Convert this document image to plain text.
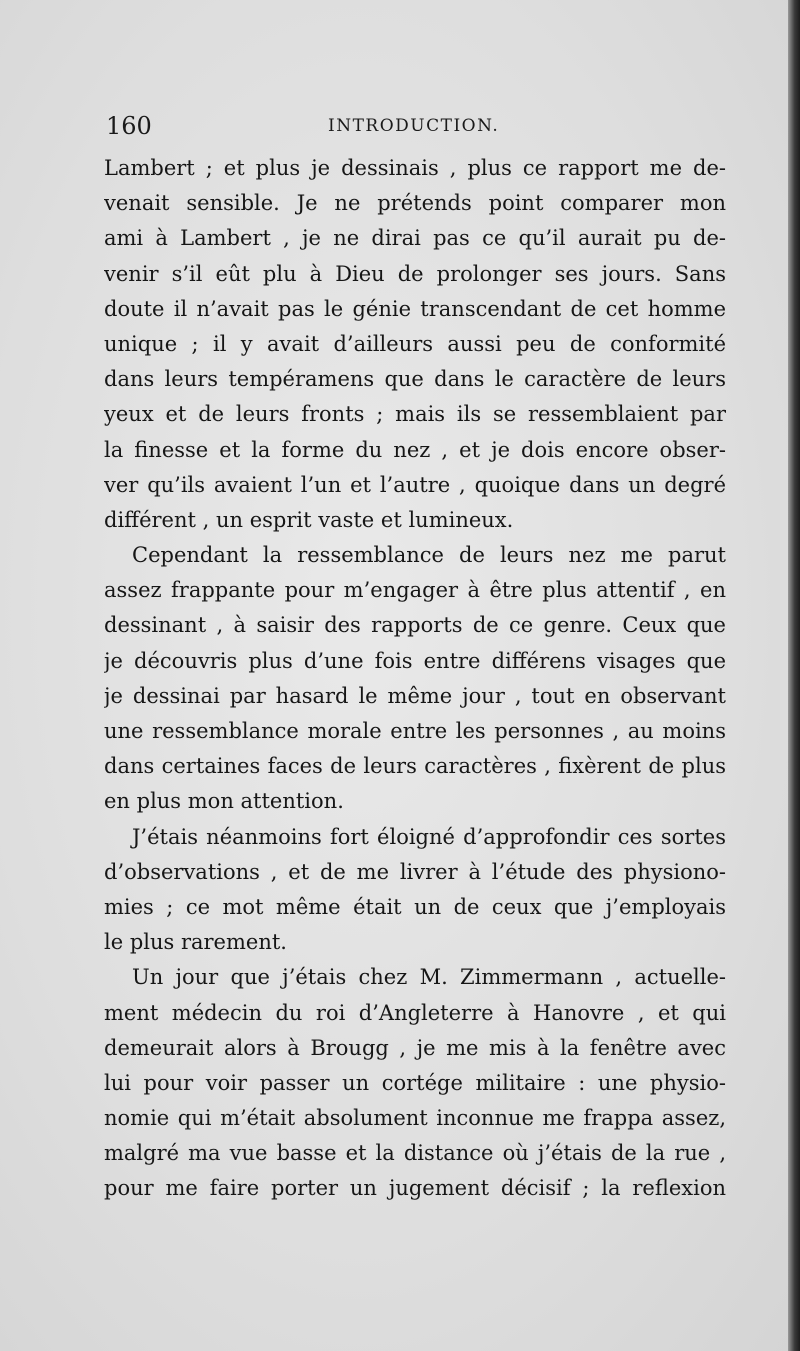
160	INTRODUCTION.
Lambert ; et plus je dessinais , plus ce rapport me de-
venait sensible. Je ne prétends point comparer mon
ami à Lambert , je ne dirai pas ce qu’il aurait pu de-
venir s’il eût plu à Dieu de prolonger ses jours. Sans
doute il n’avait pas le génie transcendant de cet homme
unique ; il y avait d’ailleurs aussi peu de conformité
dans leurs tempéramens que dans le caractère de leurs
yeux et de leurs fronts ; mais ils se ressemblaient par
la finesse et la forme du nez , et je dois encore obser-
ver qu’ils avaient l’un et l’autre , quoique dans un degré
différent , un esprit vaste et lumineux.
Cependant la ressemblance de leurs nez me parut
assez frappante pour m’engager à être plus attentif , en
dessinant , à saisir des rapports de ce genre. Ceux que
je découvris plus d’une fois entre différens visages que
je dessinai par hasard le même jour , tout en observant
une ressemblance morale entre les personnes , au moins
dans certaines faces de leurs caractères , fixèrent de plus
en plus mon attention.
J’étais néanmoins fort éloigné d’approfondir ces sortes
d’observations , et de me livrer à l’étude des physiono-
mies ; ce mot même était un de ceux que j’employais
le plus rarement.
Un jour que j’étais chez M. Zimmermann , actuelle-
ment médecin du roi d’Angleterre à Hanovre , et qui
demeurait alors à Brougg , je me mis à la fenêtre avec
lui pour voir passer un cortége militaire : une physio-
nomie qui m’était absolument inconnue me frappa assez,
malgré ma vue basse et la distance où j’étais de la rue ,
pour me faire porter un jugement décisif ; la reflexion
